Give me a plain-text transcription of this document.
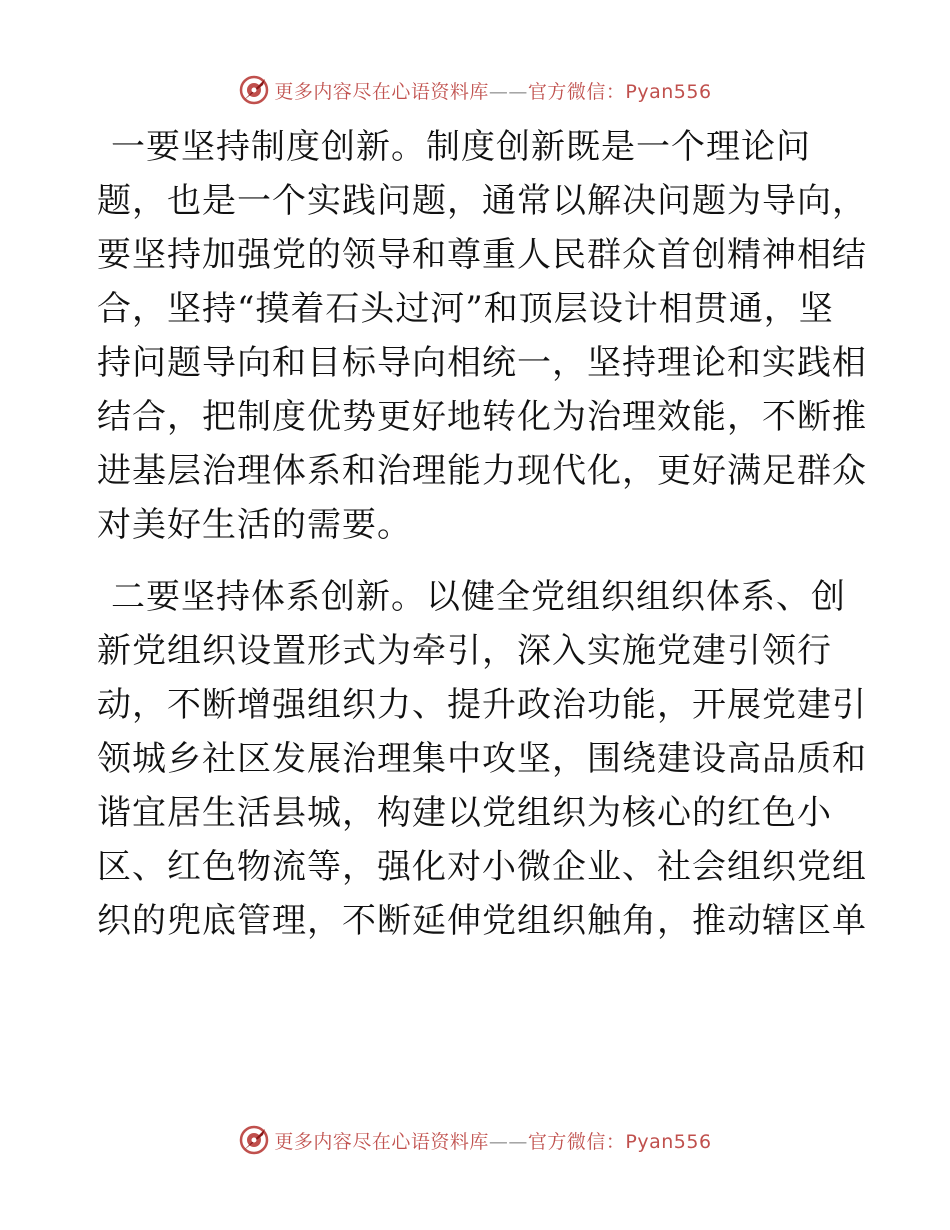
更多内容尽在心语资料库——官方微信：Pyan556
一要坚持制度创新。制度创新既是一个理论问
题，也是一个实践问题，通常以解决问题为导向，
要坚持加强党的领导和尊重人民群众首创精神相结
合，坚持“摸着石头过河”和顶层设计相贯通，坚
持问题导向和目标导向相统一，坚持理论和实践相
结合，把制度优势更好地转化为治理效能，不断推
进基层治理体系和治理能力现代化，更好满足群众
对美好生活的需要。
二要坚持体系创新。以健全党组织组织体系、创
新党组织设置形式为牵引，深入实施党建引领行
动，不断增强组织力、提升政治功能，开展党建引
领城乡社区发展治理集中攻坚，围绕建设高品质和
谐宜居生活县城，构建以党组织为核心的红色小
区、红色物流等，强化对小微企业、社会组织党组
织的兜底管理，不断延伸党组织触角，推动辖区单
更多内容尽在心语资料库——官方微信：Pyan556
